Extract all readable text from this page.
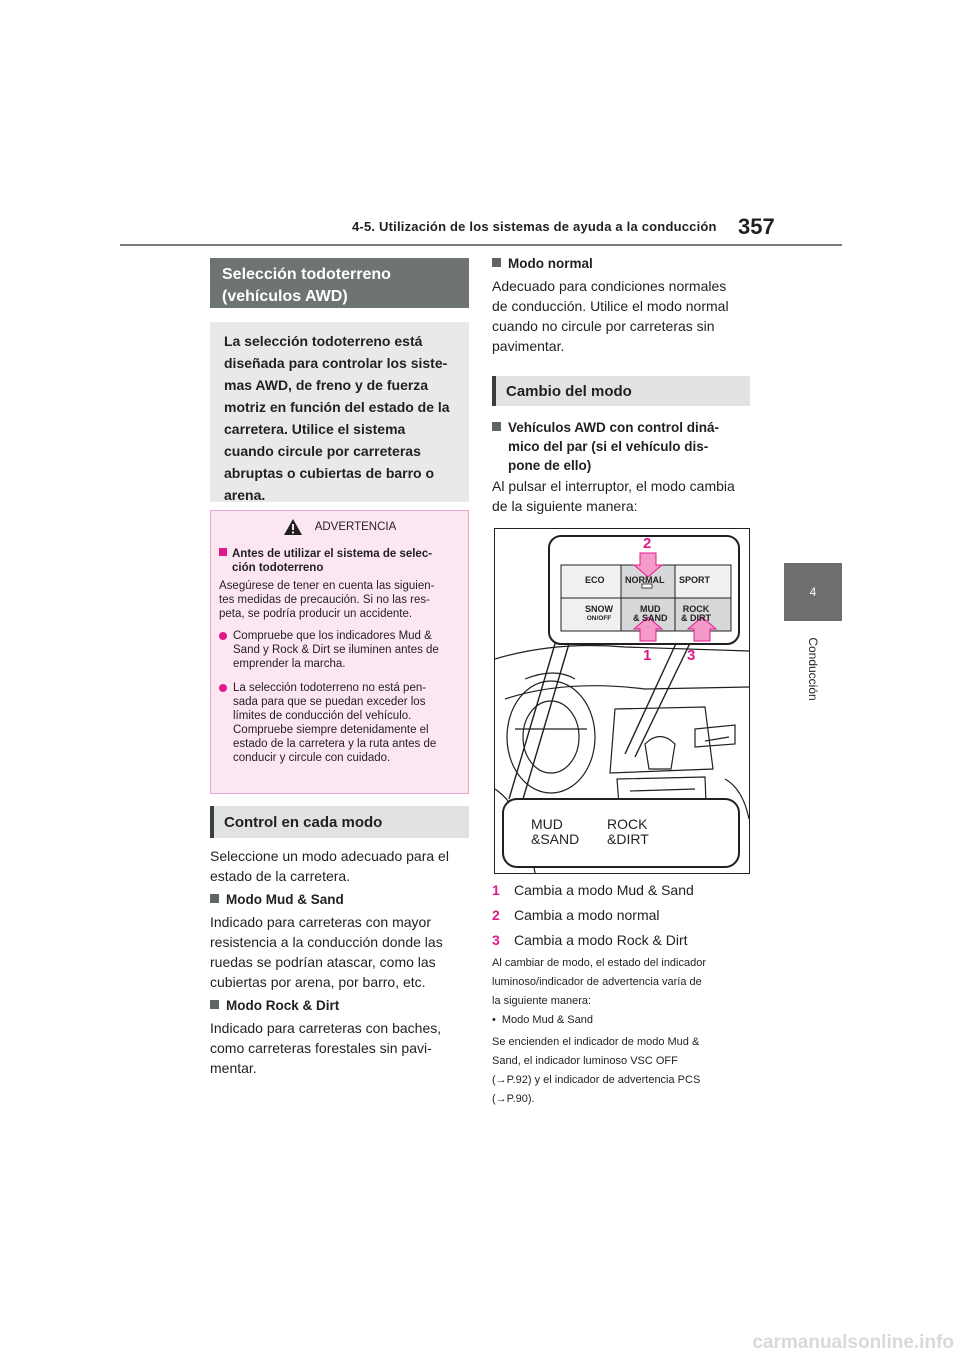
4-5. Utilización de los sistemas de ayuda a la conducción 357
4
Conducción
Selección todoterreno
(vehículos AWD)
La selección todoterreno está
diseñada para controlar los siste-
mas AWD, de freno y de fuerza
motriz en función del estado de la
carretera. Utilice el sistema
cuando circule por carreteras
abruptas o cubiertas de barro o
arena.
ADVERTENCIA
Antes de utilizar el sistema de selec-
ción todoterreno
Asegúrese de tener en cuenta las siguien-
tes medidas de precaución. Si no las res-
peta, se podría producir un accidente.
Compruebe que los indicadores Mud &
Sand y Rock & Dirt se iluminen antes de
emprender la marcha.
La selección todoterreno no está pen-
sada para que se puedan exceder los
límites de conducción del vehículo.
Compruebe siempre detenidamente el
estado de la carretera y la ruta antes de
conducir y circule con cuidado.
Control en cada modo
Seleccione un modo adecuado para el
estado de la carretera.
Modo Mud & Sand
Indicado para carreteras con mayor
resistencia a la conducción donde las
ruedas se podrían atascar, como las
cubiertas por arena, por barro, etc.
Modo Rock & Dirt
Indicado para carreteras con baches,
como carreteras forestales sin pavi-
mentar.
Modo normal
Adecuado para condiciones normales
de conducción. Utilice el modo normal
cuando no circule por carreteras sin
pavimentar.
Cambio del modo
Vehículos AWD con control diná-
mico del par (si el vehículo dis-
pone de ello)
Al pulsar el interruptor, el modo cambia
de la siguiente manera:
ECO NORMAL SPORT
SNOW
ON/OFF
MUD
& SAND
ROCK
& DIRT
2
1 3
MUD
&SAND
ROCK
&DIRT
1 Cambia a modo Mud & Sand
2 Cambia a modo normal
3 Cambia a modo Rock & Dirt
Al cambiar de modo, el estado del indicador
luminoso/indicador de advertencia varía de
la siguiente manera:
• Modo Mud & Sand
Se encienden el indicador de modo Mud &
Sand, el indicador luminoso VSC OFF
(→P.92) y el indicador de advertencia PCS
(→P.90).
carmanualsonline.info
